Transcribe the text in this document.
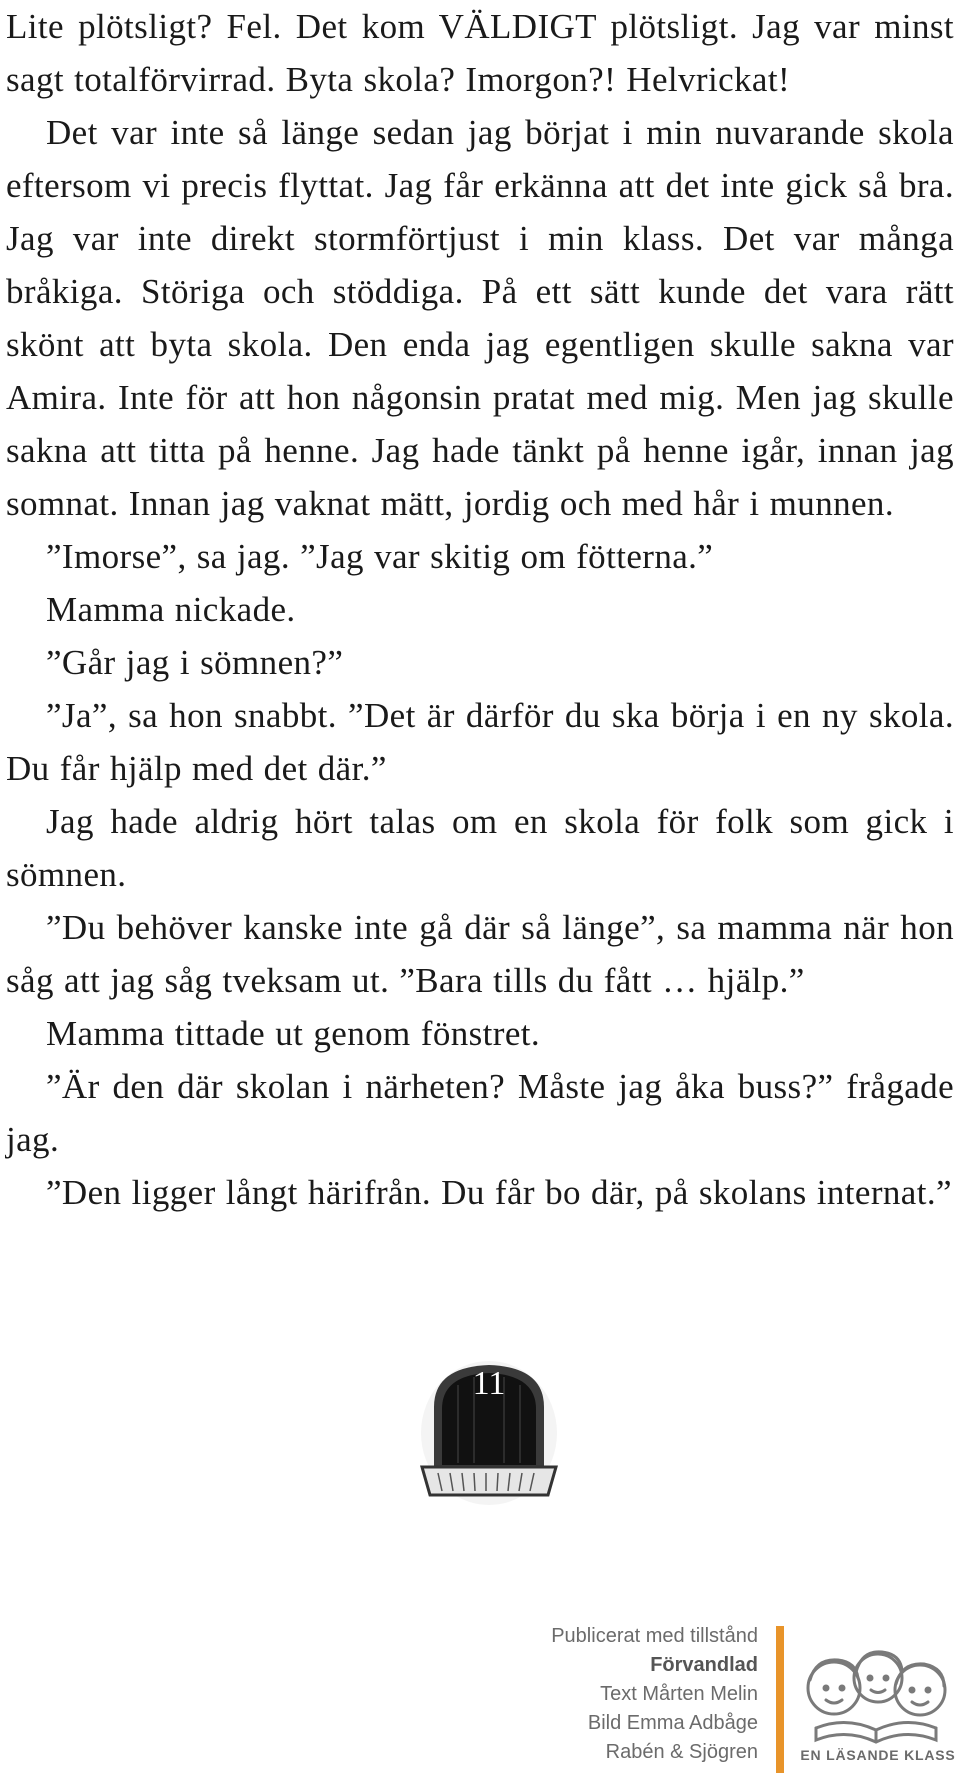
Lite plötsligt? Fel. Det kom VÄLDIGT plötsligt. Jag var minst sagt totalförvirrad. Byta skola? Imorgon?! Helvrickat!

Det var inte så länge sedan jag börjat i min nuvarande skola eftersom vi precis flyttat. Jag får erkänna att det inte gick så bra. Jag var inte direkt stormförtjust i min klass. Det var många bråkiga. Störiga och stöddiga. På ett sätt kunde det vara rätt skönt att byta skola. Den enda jag egentligen skulle sakna var Amira. Inte för att hon någonsin pratat med mig. Men jag skulle sakna att titta på henne. Jag hade tänkt på henne igår, innan jag somnat. Innan jag vaknat mätt, jordig och med hår i munnen.

”Imorse”, sa jag. ”Jag var skitig om fötterna.”

Mamma nickade.

”Går jag i sömnen?”

”Ja”, sa hon snabbt. ”Det är därför du ska börja i en ny skola. Du får hjälp med det där.”

Jag hade aldrig hört talas om en skola för folk som gick i sömnen.

”Du behöver kanske inte gå där så länge”, sa mamma när hon såg att jag såg tveksam ut. ”Bara tills du fått … hjälp.”

Mamma tittade ut genom fönstret.

”Är den där skolan i närheten? Måste jag åka buss?” frågade jag.

”Den ligger långt härifrån. Du får bo där, på skolans internat.”

11
Publicerat med tillstånd
Förvandlad
Text Mårten Melin
Bild Emma Adbåge
Rabén & Sjögren	EN LÄSANDE KLASS
